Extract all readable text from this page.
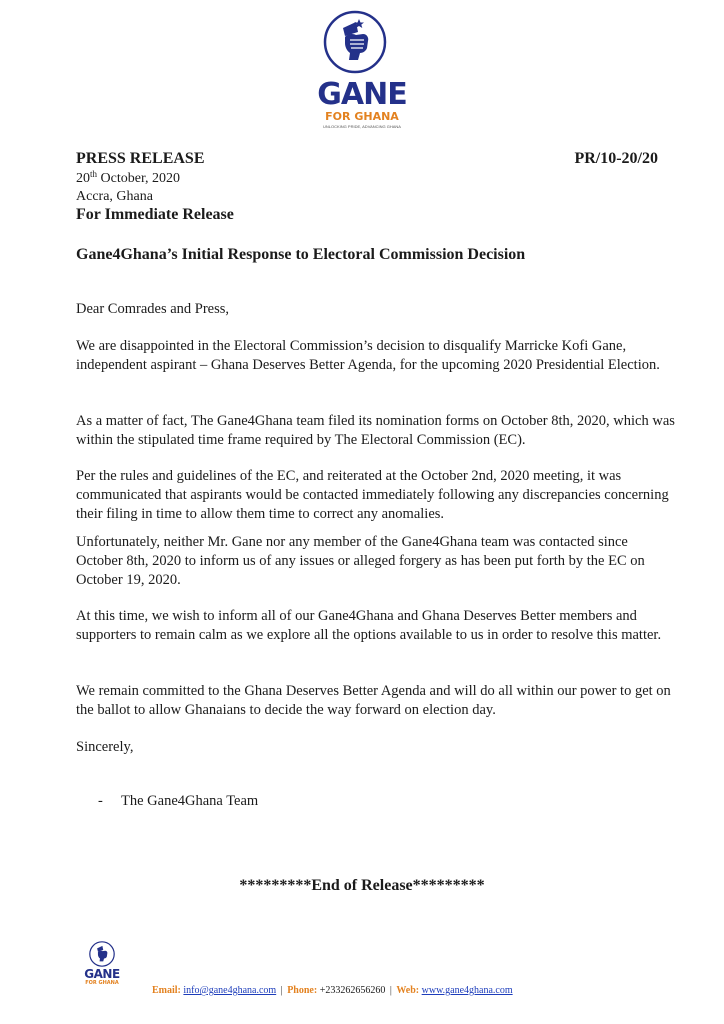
GANE
FOR GHANA
UNLOCKING PRIDE, ADVANCING GHANA
PRESS RELEASE	PR/10-20/20
20th October, 2020
Accra, Ghana
For Immediate Release
Gane4Ghana’s Initial Response to Electoral Commission Decision
Dear Comrades and Press,
We are disappointed in the Electoral Commission’s decision to disqualify Marricke Kofi Gane, independent aspirant – Ghana Deserves Better Agenda, for the upcoming 2020 Presidential Election.
As a matter of fact, The Gane4Ghana team filed its nomination forms on October 8th, 2020, which was within the stipulated time frame required by The Electoral Commission (EC).
Per the rules and guidelines of the EC, and reiterated at the October 2nd, 2020 meeting, it was communicated that aspirants would be contacted immediately following any discrepancies concerning their filing in time to allow them time to correct any anomalies.
Unfortunately, neither Mr. Gane nor any member of the Gane4Ghana team was contacted since October 8th, 2020 to inform us of any issues or alleged forgery as has been put forth by the EC on October 19, 2020.
At this time, we wish to inform all of our Gane4Ghana and Ghana Deserves Better members and supporters to remain calm as we explore all the options available to us in order to resolve this matter.
We remain committed to the Ghana Deserves Better Agenda and will do all within our power to get on the ballot to allow Ghanaians to decide the way forward on election day.
Sincerely,
- The Gane4Ghana Team
*********End of Release*********
GANE
FOR GHANA
Email: info@gane4ghana.com | Phone: +233262656260 | Web: www.gane4ghana.com
